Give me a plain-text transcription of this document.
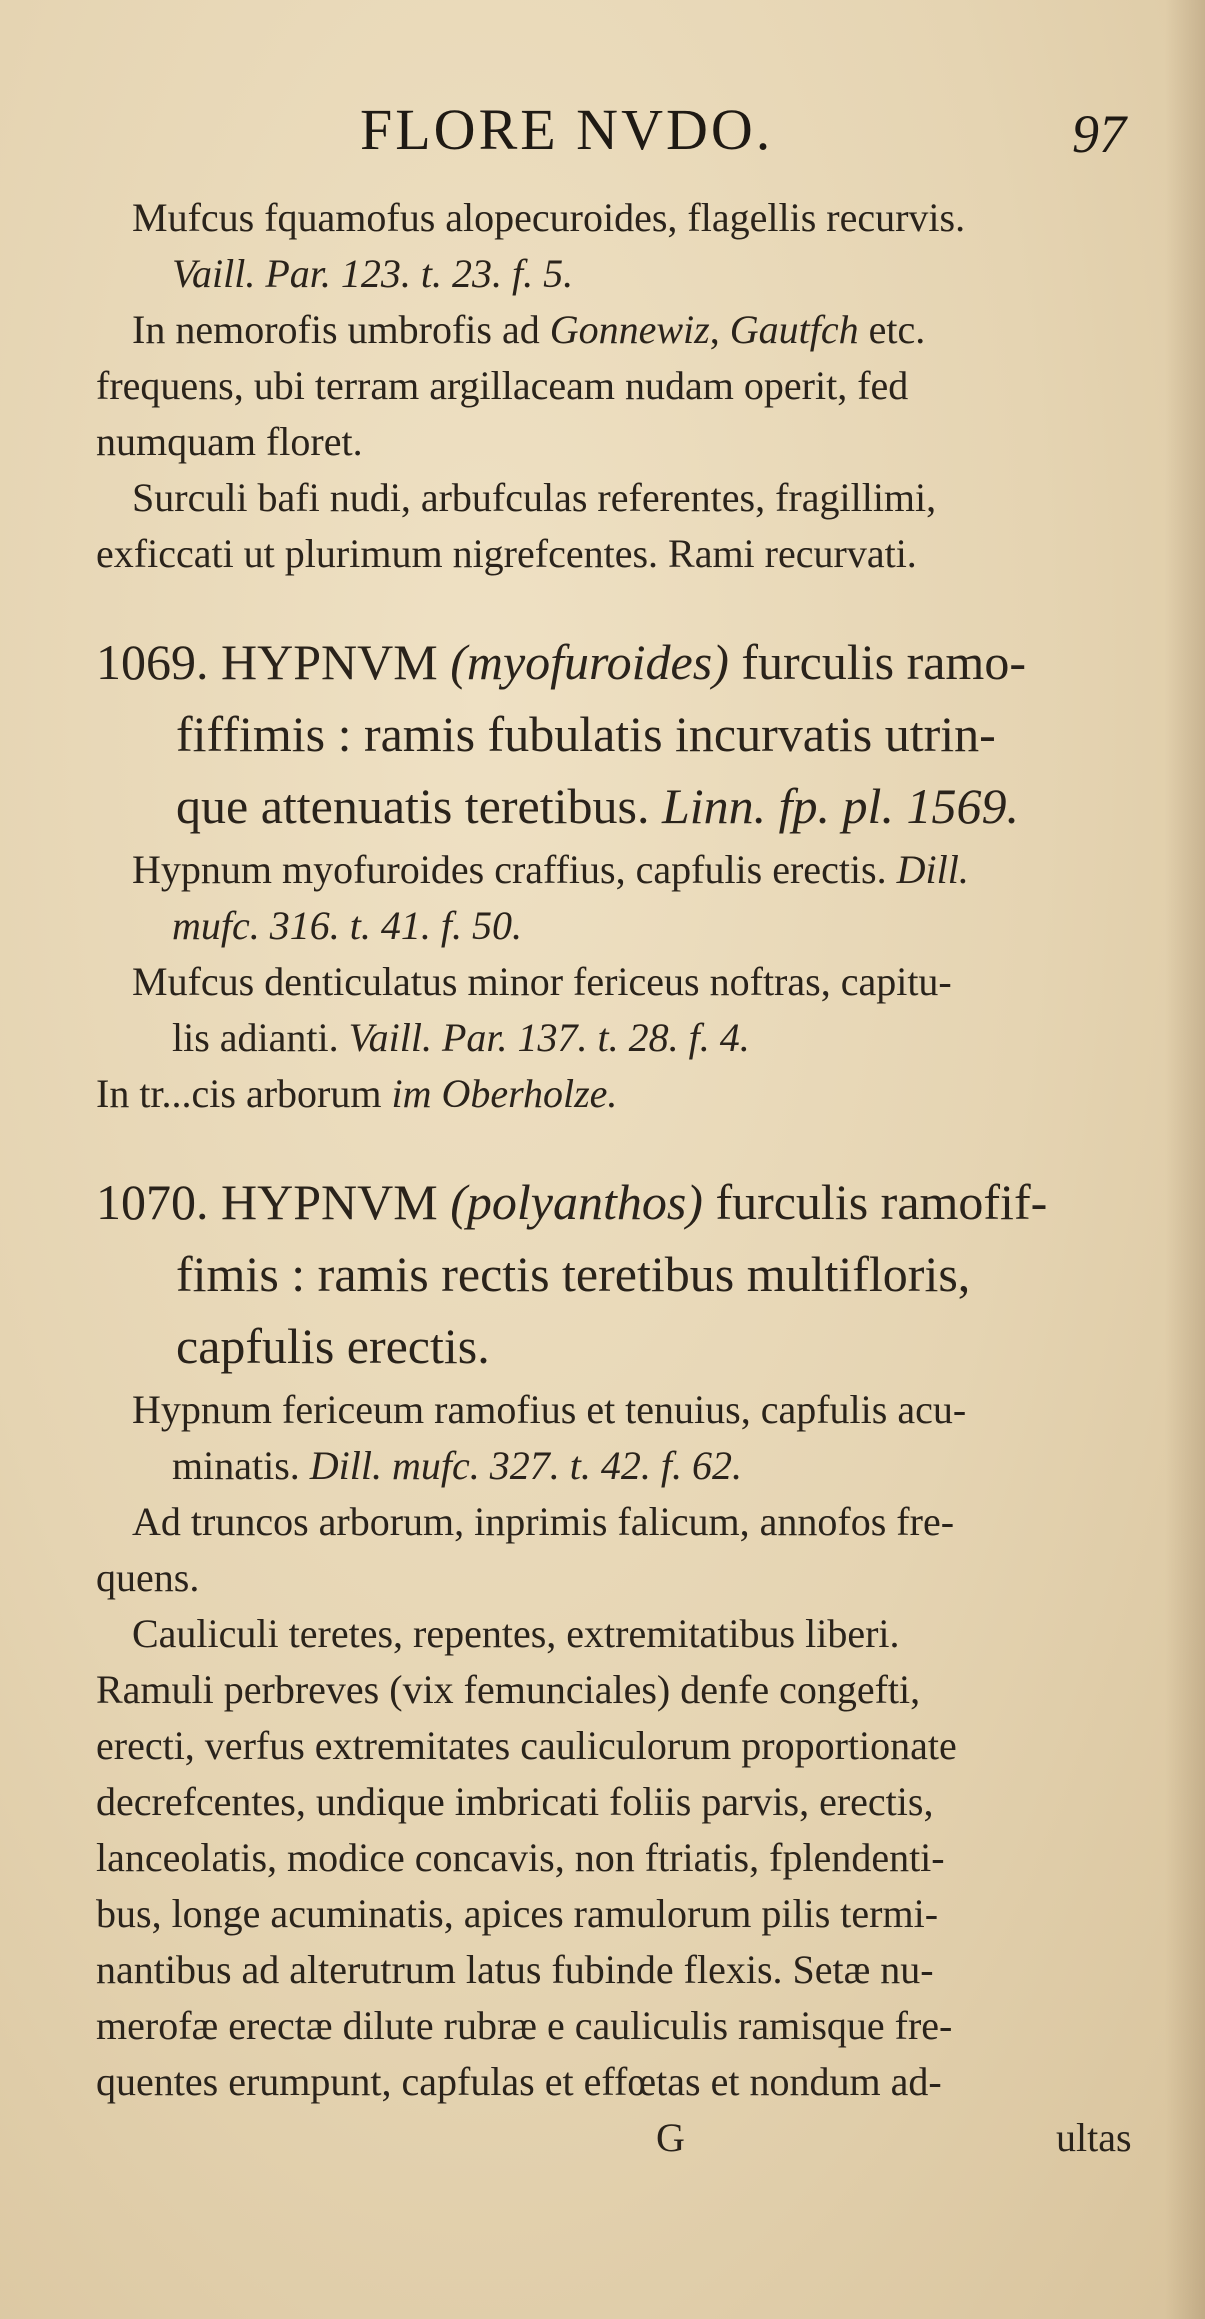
FLORE NVDO.	97
Mufcus fquamofus alopecuroides, flagellis recurvis.
Vaill. Par. 123. t. 23. f. 5.
In nemorofis umbrofis ad Gonnewiz, Gautfch etc.
frequens, ubi terram argillaceam nudam operit, fed
numquam floret.
Surculi bafi nudi, arbufculas referentes, fragillimi,
exficcati ut plurimum nigrefcentes. Rami recurvati.
1069. HYPNVM (myofuroides) furculis ramo-
fiffimis : ramis fubulatis incurvatis utrin-
que attenuatis teretibus. Linn. fp. pl. 1569.
Hypnum myofuroides craffius, capfulis erectis. Dill.
mufc. 316. t. 41. f. 50.
Mufcus denticulatus minor fericeus noftras, capitu-
lis adianti. Vaill. Par. 137. t. 28. f. 4.
In tr...cis arborum im Oberholze.
1070. HYPNVM (polyanthos) furculis ramofif-
fimis : ramis rectis teretibus multifloris,
capfulis erectis.
Hypnum fericeum ramofius et tenuius, capfulis acu-
minatis. Dill. mufc. 327. t. 42. f. 62.
Ad truncos arborum, inprimis falicum, annofos fre-
quens.
Cauliculi teretes, repentes, extremitatibus liberi.
Ramuli perbreves (vix femunciales) denfe congefti,
erecti, verfus extremitates cauliculorum proportionate
decrefcentes, undique imbricati foliis parvis, erectis,
lanceolatis, modice concavis, non ftriatis, fplendenti-
bus, longe acuminatis, apices ramulorum pilis termi-
nantibus ad alterutrum latus fubinde flexis. Setæ nu-
merofæ erectæ dilute rubræ e cauliculis ramisque fre-
quentes erumpunt, capfulas et effœtas et nondum ad-
G	ultas
